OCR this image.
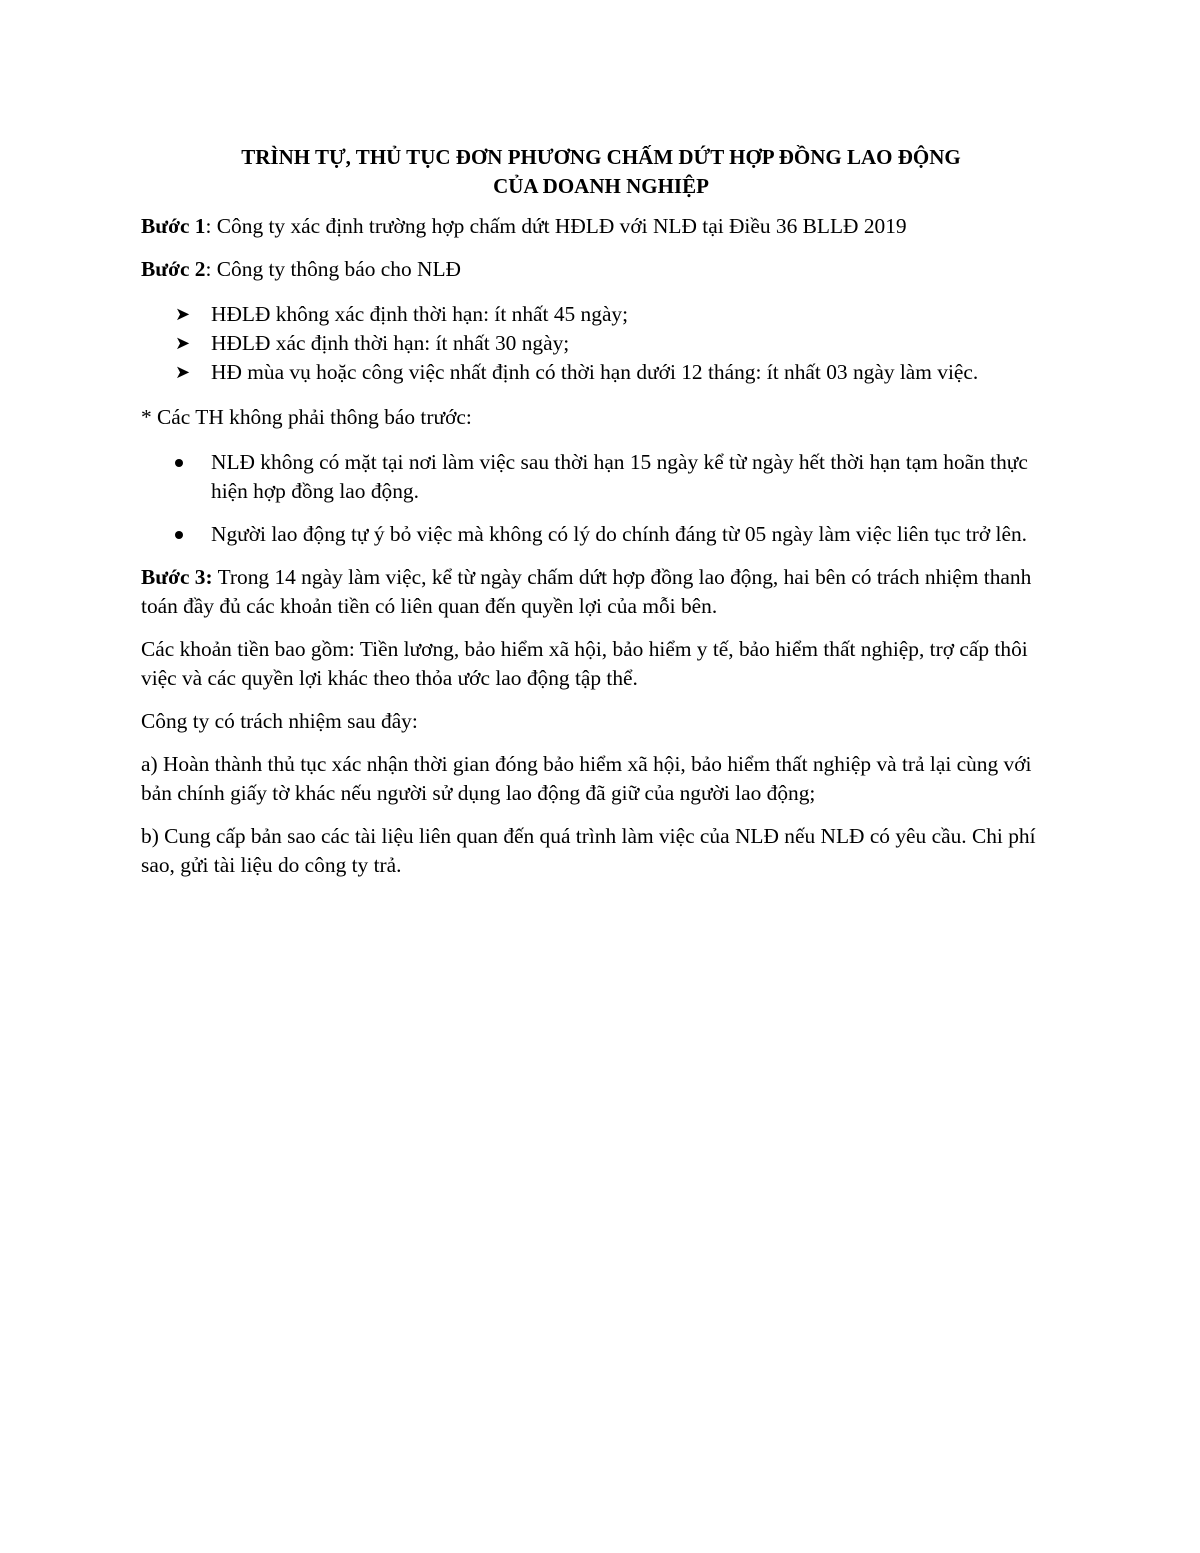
TRÌNH TỰ, THỦ TỤC ĐƠN PHƯƠNG CHẤM DỨT HỢP ĐỒNG LAO ĐỘNG
CỦA DOANH NGHIỆP

Bước 1: Công ty xác định trường hợp chấm dứt HĐLĐ với NLĐ tại Điều 36 BLLĐ 2019

Bước 2: Công ty thông báo cho NLĐ

➤ HĐLĐ không xác định thời hạn: ít nhất 45 ngày;
➤ HĐLĐ xác định thời hạn: ít nhất 30 ngày;
➤ HĐ mùa vụ hoặc công việc nhất định có thời hạn dưới 12 tháng: ít nhất 03 ngày làm việc.

* Các TH không phải thông báo trước:

NLĐ không có mặt tại nơi làm việc sau thời hạn 15 ngày kể từ ngày hết thời hạn tạm hoãn thực hiện hợp đồng lao động.
Người lao động tự ý bỏ việc mà không có lý do chính đáng từ 05 ngày làm việc liên tục trở lên.

Bước 3: Trong 14 ngày làm việc, kể từ ngày chấm dứt hợp đồng lao động, hai bên có trách nhiệm thanh toán đầy đủ các khoản tiền có liên quan đến quyền lợi của mỗi bên.

Các khoản tiền bao gồm: Tiền lương, bảo hiểm xã hội, bảo hiểm y tế, bảo hiểm thất nghiệp, trợ cấp thôi việc và các quyền lợi khác theo thỏa ước lao động tập thể.

Công ty có trách nhiệm sau đây:

a) Hoàn thành thủ tục xác nhận thời gian đóng bảo hiểm xã hội, bảo hiểm thất nghiệp và trả lại cùng với bản chính giấy tờ khác nếu người sử dụng lao động đã giữ của người lao động;

b) Cung cấp bản sao các tài liệu liên quan đến quá trình làm việc của NLĐ nếu NLĐ có yêu cầu. Chi phí sao, gửi tài liệu do công ty trả.
